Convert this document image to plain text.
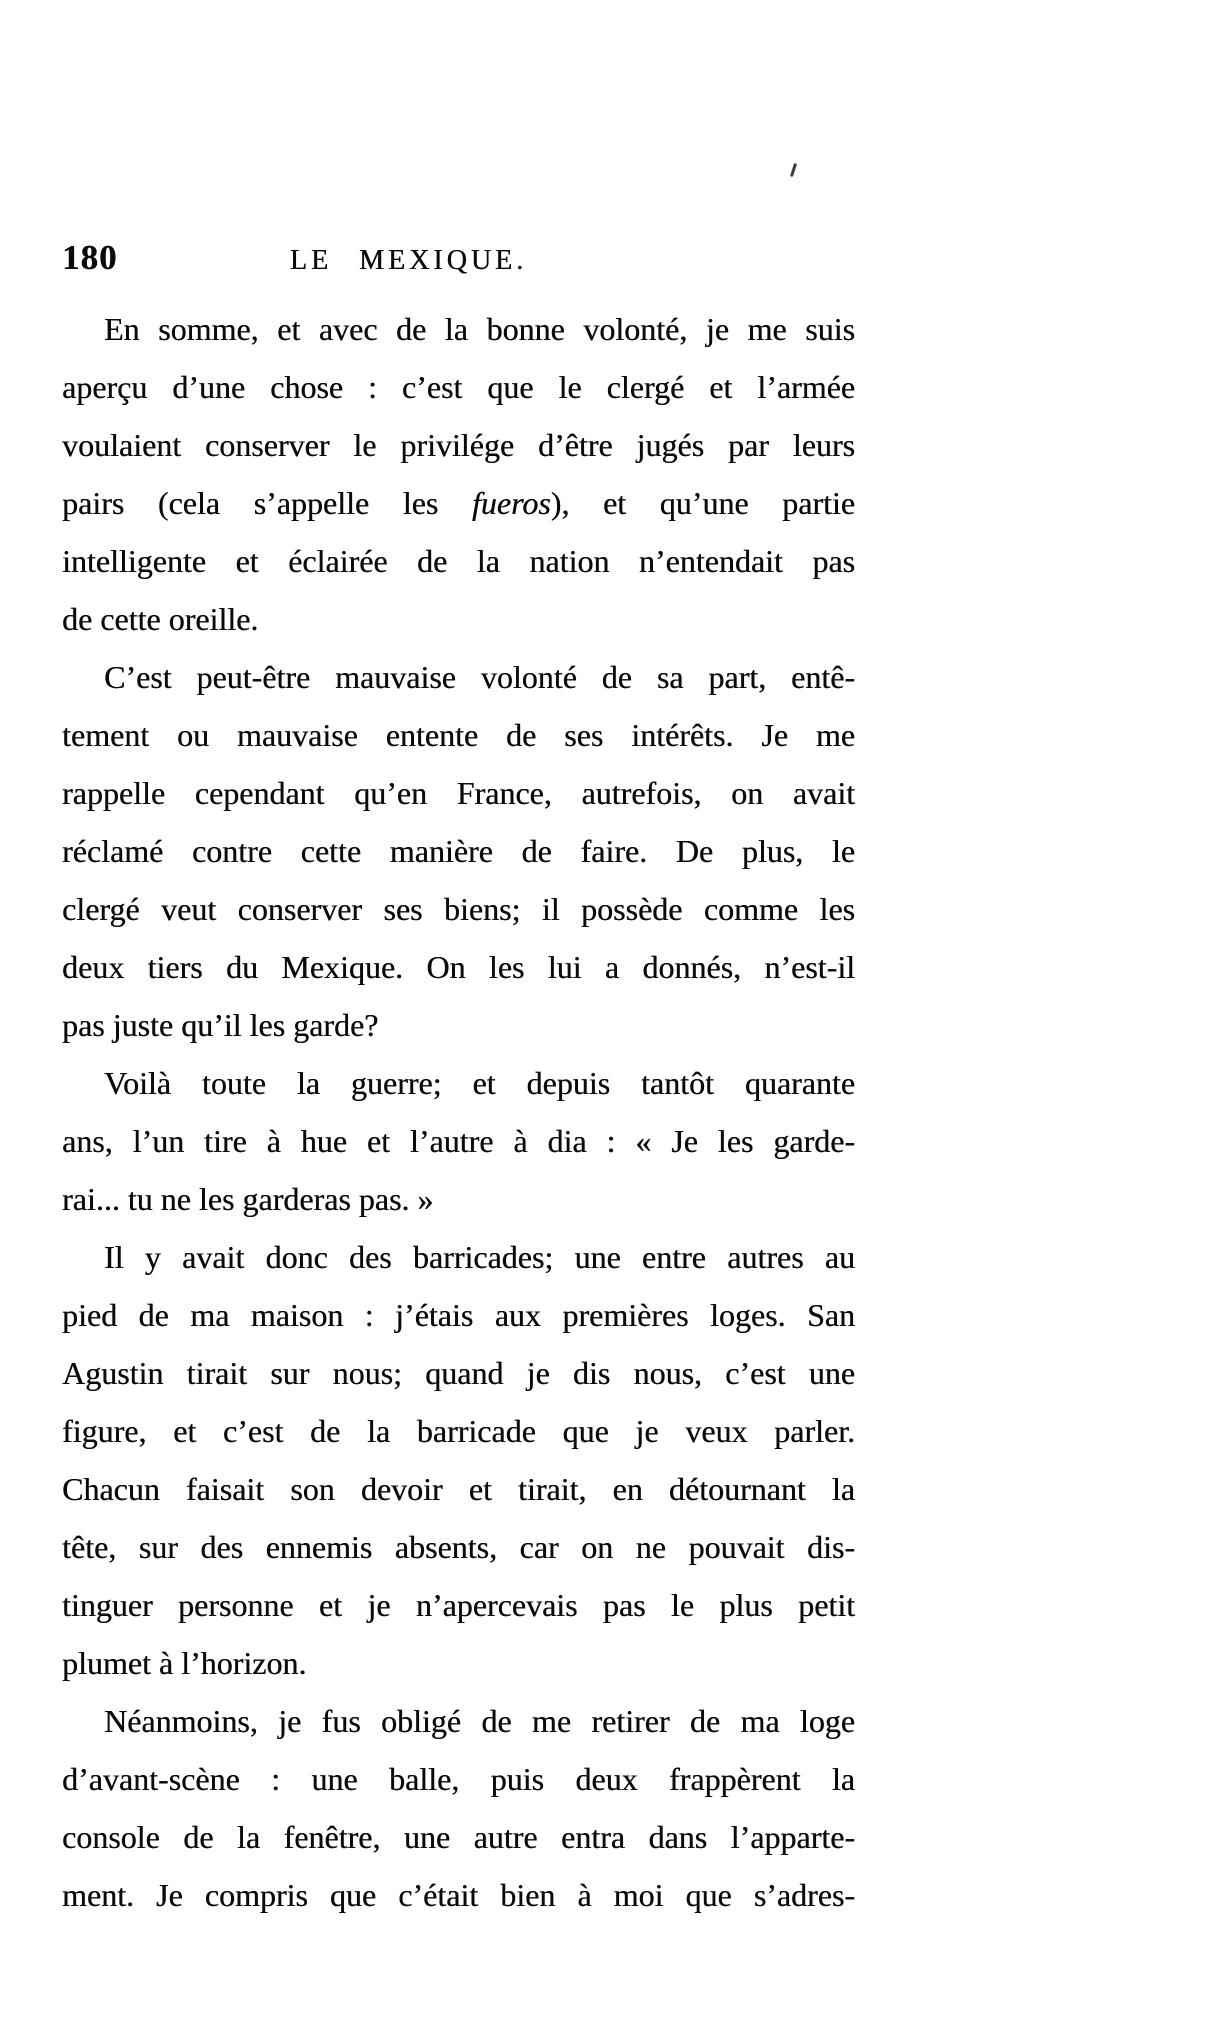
180	LE MEXIQUE.
En somme, et avec de la bonne volonté, je me suis
aperçu d’une chose : c’est que le clergé et l’armée
voulaient conserver le privilége d’être jugés par leurs
pairs (cela s’appelle les fueros), et qu’une partie
intelligente et éclairée de la nation n’entendait pas
de cette oreille.
C’est peut-être mauvaise volonté de sa part, entê-
tement ou mauvaise entente de ses intérêts. Je me
rappelle cependant qu’en France, autrefois, on avait
réclamé contre cette manière de faire. De plus, le
clergé veut conserver ses biens; il possède comme les
deux tiers du Mexique. On les lui a donnés, n’est-il
pas juste qu’il les garde?
Voilà toute la guerre; et depuis tantôt quarante
ans, l’un tire à hue et l’autre à dia : « Je les garde-
rai... tu ne les garderas pas. »
Il y avait donc des barricades; une entre autres au
pied de ma maison : j’étais aux premières loges. San
Agustin tirait sur nous; quand je dis nous, c’est une
figure, et c’est de la barricade que je veux parler.
Chacun faisait son devoir et tirait, en détournant la
tête, sur des ennemis absents, car on ne pouvait dis-
tinguer personne et je n’apercevais pas le plus petit
plumet à l’horizon.
Néanmoins, je fus obligé de me retirer de ma loge
d’avant-scène : une balle, puis deux frappèrent la
console de la fenêtre, une autre entra dans l’apparte-
ment. Je compris que c’était bien à moi que s’adres-
